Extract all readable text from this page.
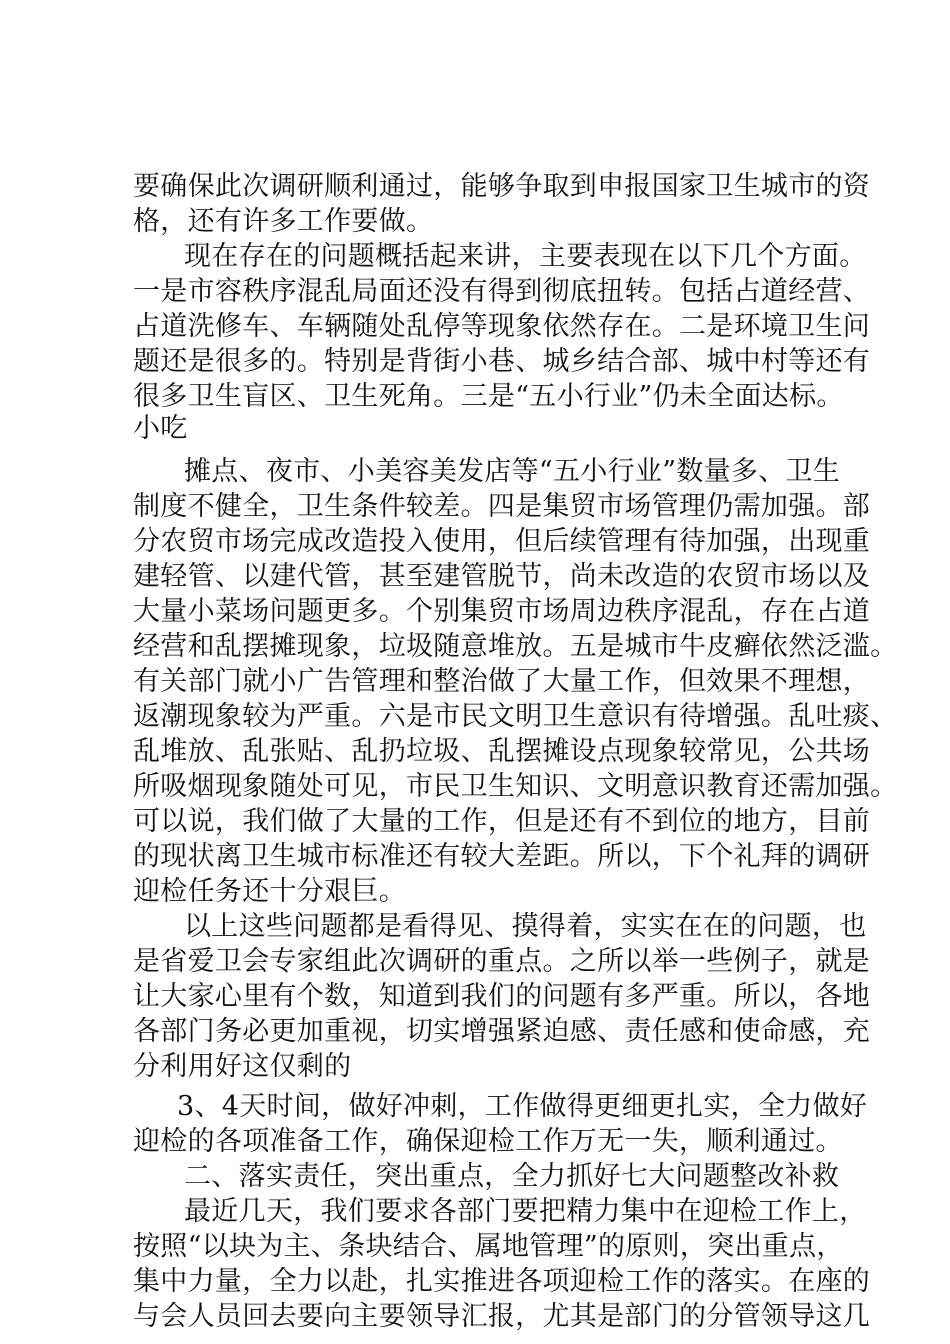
要确保此次调研顺利通过，能够争取到申报国家卫生城市的资
格，还有许多工作要做。
现在存在的问题概括起来讲，主要表现在以下几个方面。
一是市容秩序混乱局面还没有得到彻底扭转。包括占道经营、
占道洗修车、车辆随处乱停等现象依然存在。二是环境卫生问
题还是很多的。特别是背街小巷、城乡结合部、城中村等还有
很多卫生盲区、卫生死角。三是“五小行业”仍未全面达标。
小吃
摊点、夜市、小美容美发店等“五小行业”数量多、卫生
制度不健全，卫生条件较差。四是集贸市场管理仍需加强。部
分农贸市场完成改造投入使用，但后续管理有待加强，出现重
建轻管、以建代管，甚至建管脱节，尚未改造的农贸市场以及
大量小菜场问题更多。个别集贸市场周边秩序混乱，存在占道
经营和乱摆摊现象，垃圾随意堆放。五是城市牛皮癣依然泛滥。
有关部门就小广告管理和整治做了大量工作，但效果不理想，
返潮现象较为严重。六是市民文明卫生意识有待增强。乱吐痰、
乱堆放、乱张贴、乱扔垃圾、乱摆摊设点现象较常见，公共场
所吸烟现象随处可见，市民卫生知识、文明意识教育还需加强。
可以说，我们做了大量的工作，但是还有不到位的地方，目前
的现状离卫生城市标准还有较大差距。所以，下个礼拜的调研
迎检任务还十分艰巨。
以上这些问题都是看得见、摸得着，实实在在的问题，也
是省爱卫会专家组此次调研的重点。之所以举一些例子，就是
让大家心里有个数，知道到我们的问题有多严重。所以，各地
各部门务必更加重视，切实增强紧迫感、责任感和使命感，充
分利用好这仅剩的
3、4天时间，做好冲刺，工作做得更细更扎实，全力做好
迎检的各项准备工作，确保迎检工作万无一失，顺利通过。
二、落实责任，突出重点，全力抓好七大问题整改补救
最近几天，我们要求各部门要把精力集中在迎检工作上，
按照“以块为主、条块结合、属地管理”的原则，突出重点，
集中力量，全力以赴，扎实推进各项迎检工作的落实。在座的
与会人员回去要向主要领导汇报，尤其是部门的分管领导这几
